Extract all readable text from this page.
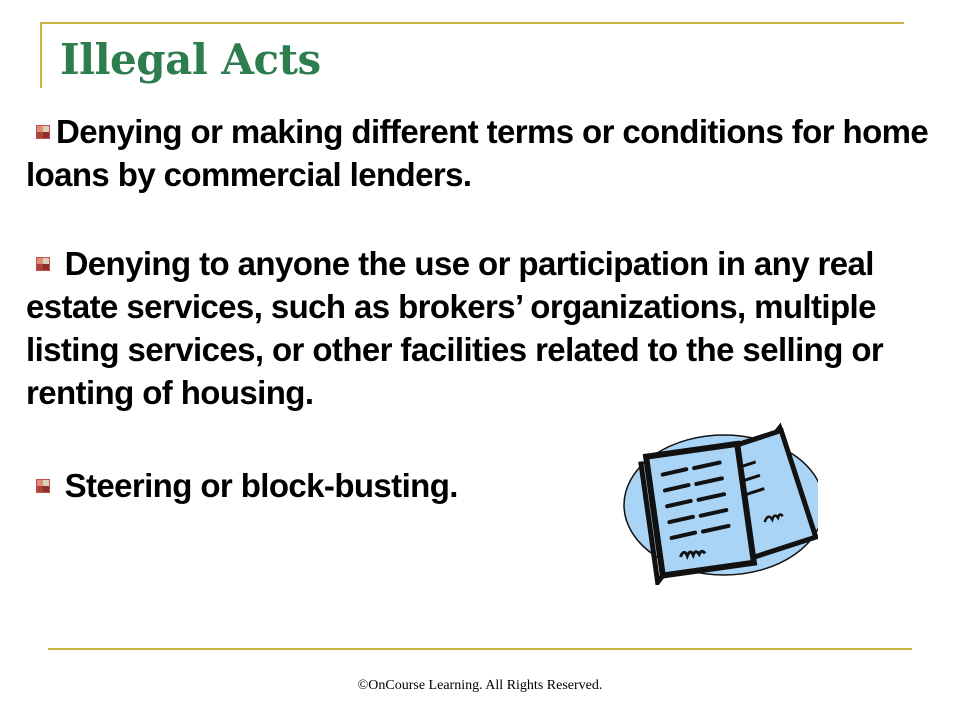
Illegal Acts
Denying or making different terms or conditions for home loans by commercial lenders.
Denying to anyone the use or participation in any real estate services, such as brokers’ organizations, multiple listing services, or other facilities related to the selling or renting of housing.
Steering or block-busting.
©OnCourse Learning. All Rights Reserved.
